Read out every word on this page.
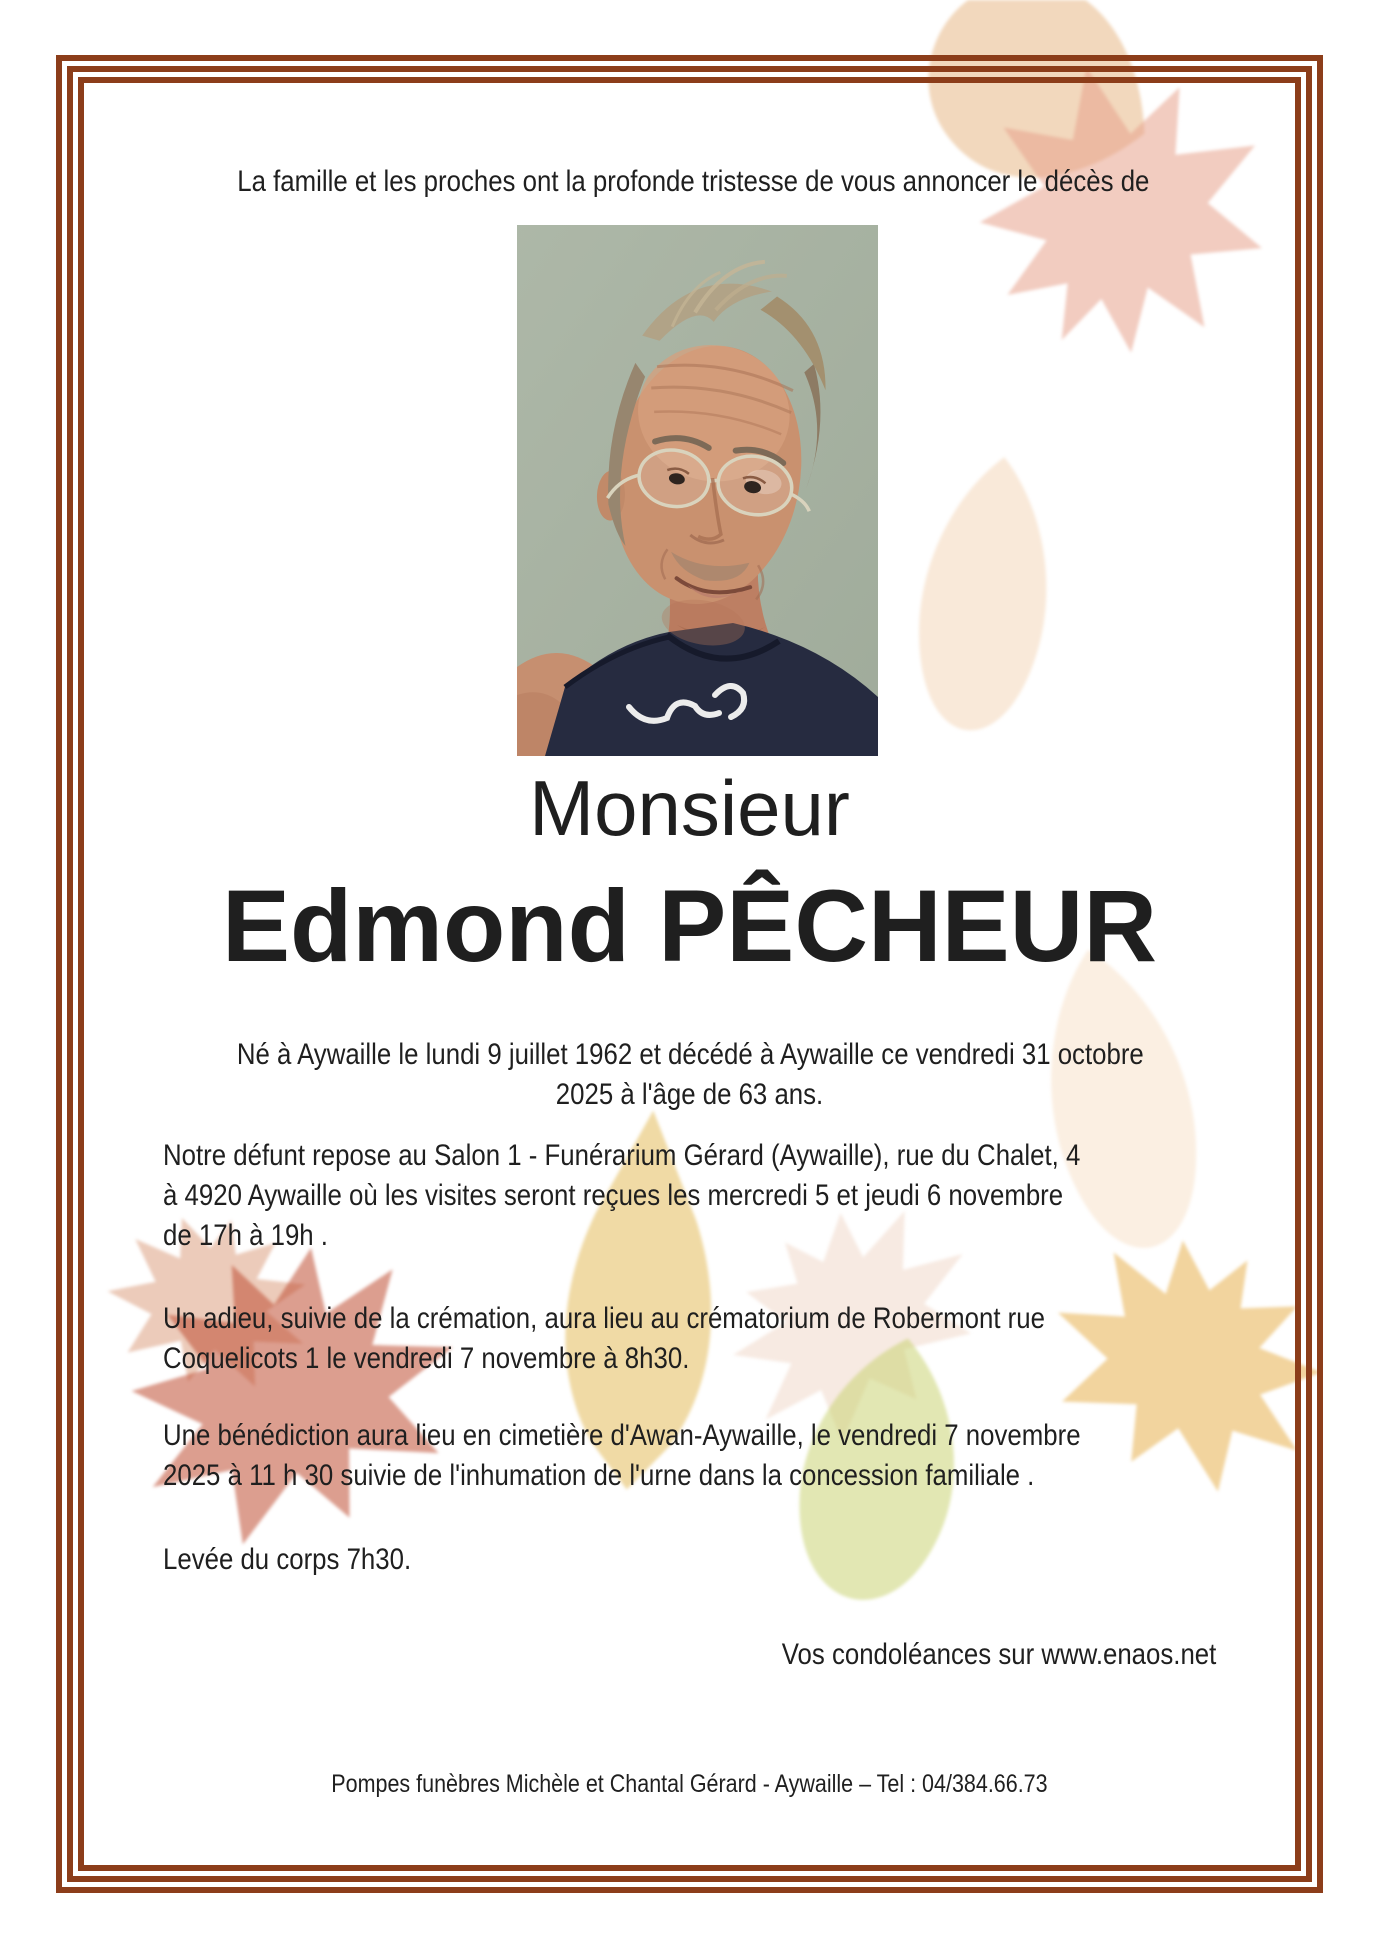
La famille et les proches ont la profonde tristesse de vous annoncer le décès de
Monsieur
Edmond PÊCHEUR
Né à Aywaille le lundi 9 juillet 1962 et décédé à Aywaille ce vendredi 31 octobre
2025 à l'âge de 63 ans.
Notre défunt repose au Salon 1 - Funérarium Gérard (Aywaille), rue du Chalet, 4
à 4920 Aywaille où les visites seront reçues les mercredi 5 et jeudi 6 novembre
de 17h à 19h .
Un adieu, suivie de la crémation, aura lieu au crématorium de Robermont rue
Coquelicots 1 le vendredi 7 novembre à 8h30.
Une bénédiction aura lieu en cimetière d'Awan-Aywaille, le vendredi 7 novembre
2025 à 11 h 30 suivie de l'inhumation de l'urne dans la concession familiale .
Levée du corps 7h30.
Vos condoléances sur www.enaos.net
Pompes funèbres Michèle et Chantal Gérard - Aywaille – Tel : 04/384.66.73
